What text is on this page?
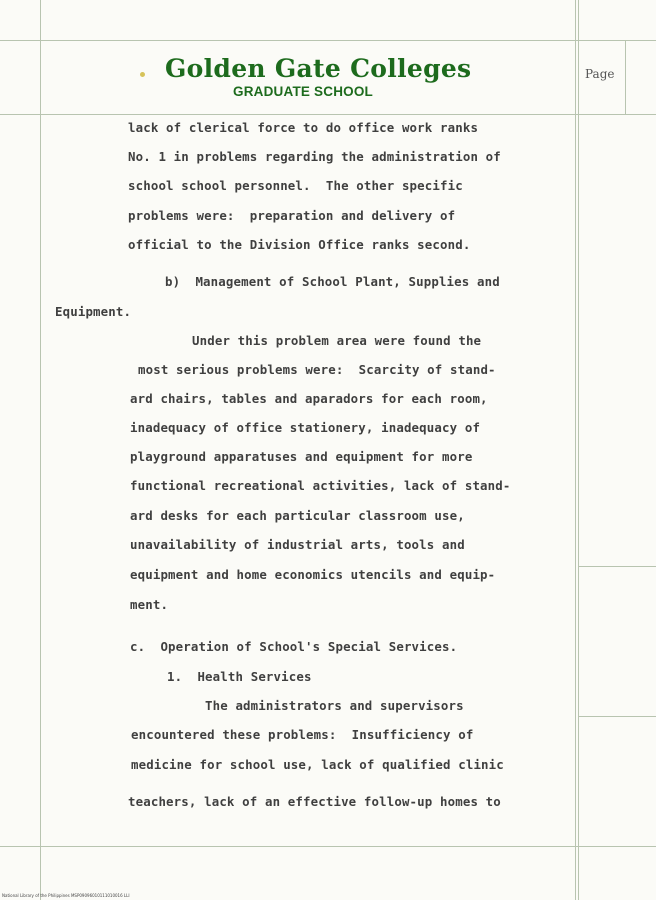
Golden Gate Colleges
GRADUATE SCHOOL
Page
lack of clerical force to do office work ranks
No. 1 in problems regarding the administration of
school school personnel.  The other specific
problems were:  preparation and delivery of
official to the Division Office ranks second.
b)  Management of School Plant, Supplies and
Equipment.
Under this problem area were found the
most serious problems were:  Scarcity of stand-
ard chairs, tables and aparadors for each room,
inadequacy of office stationery, inadequacy of
playground apparatuses and equipment for more
functional recreational activities, lack of stand-
ard desks for each particular classroom use,
unavailability of industrial arts, tools and
equipment and home economics utencils and equip-
ment.
c.  Operation of School's Special Services.
1.  Health Services
The administrators and supervisors
encountered these problems:  Insufficiency of
medicine for school use, lack of qualified clinic
teachers, lack of an effective follow-up homes to
National Library of the Philippines MSP09096010111010016 LLI
